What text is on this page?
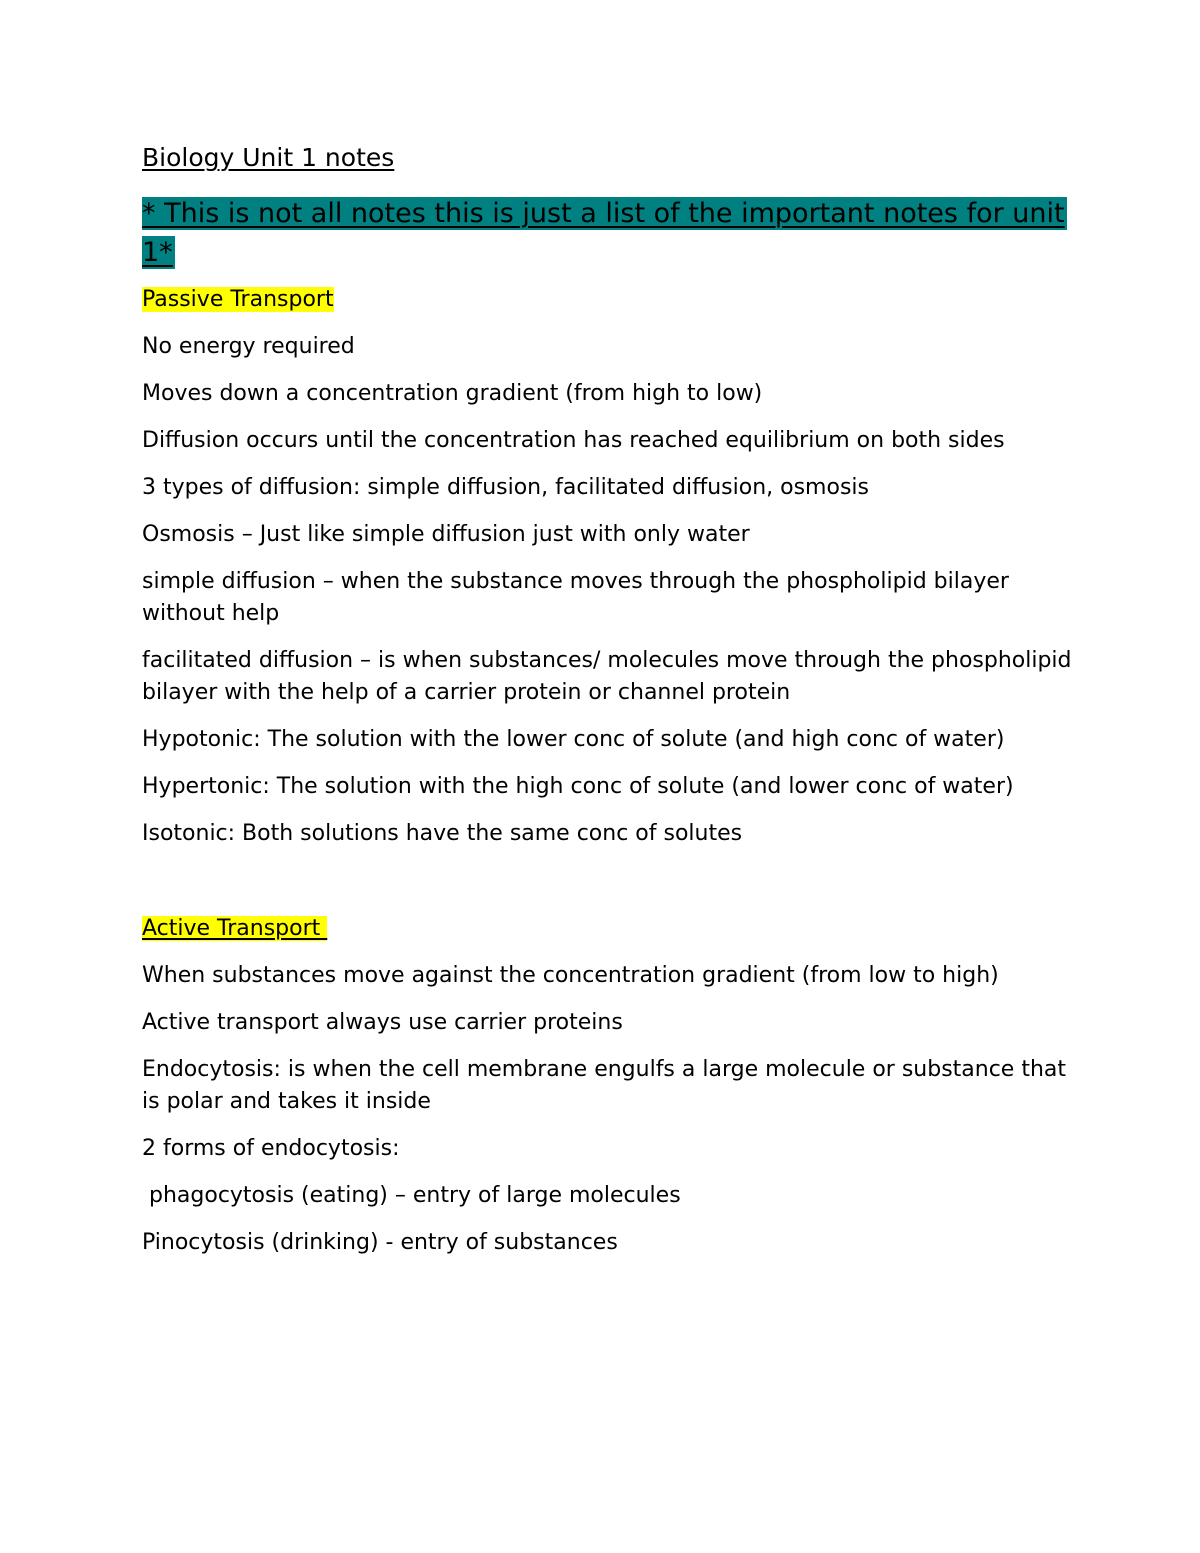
Biology Unit 1 notes
* This is not all notes this is just a list of the important notes for unit 1*
Passive Transport

No energy required

Moves down a concentration gradient (from high to low)

Diffusion occurs until the concentration has reached equilibrium on both sides

3 types of diffusion: simple diffusion, facilitated diffusion, osmosis

Osmosis – Just like simple diffusion just with only water

simple diffusion – when the substance moves through the phospholipid bilayer without help

facilitated diffusion – is when substances/ molecules move through the phospholipid bilayer with the help of a carrier protein or channel protein

Hypotonic: The solution with the lower conc of solute (and high conc of water)

Hypertonic: The solution with the high conc of solute (and lower conc of water)

Isotonic: Both solutions have the same conc of solutes

Active Transport

When substances move against the concentration gradient (from low to high)

Active transport always use carrier proteins

Endocytosis: is when the cell membrane engulfs a large molecule or substance that is polar and takes it inside

2 forms of endocytosis:

phagocytosis (eating) – entry of large molecules

Pinocytosis (drinking) - entry of substances
